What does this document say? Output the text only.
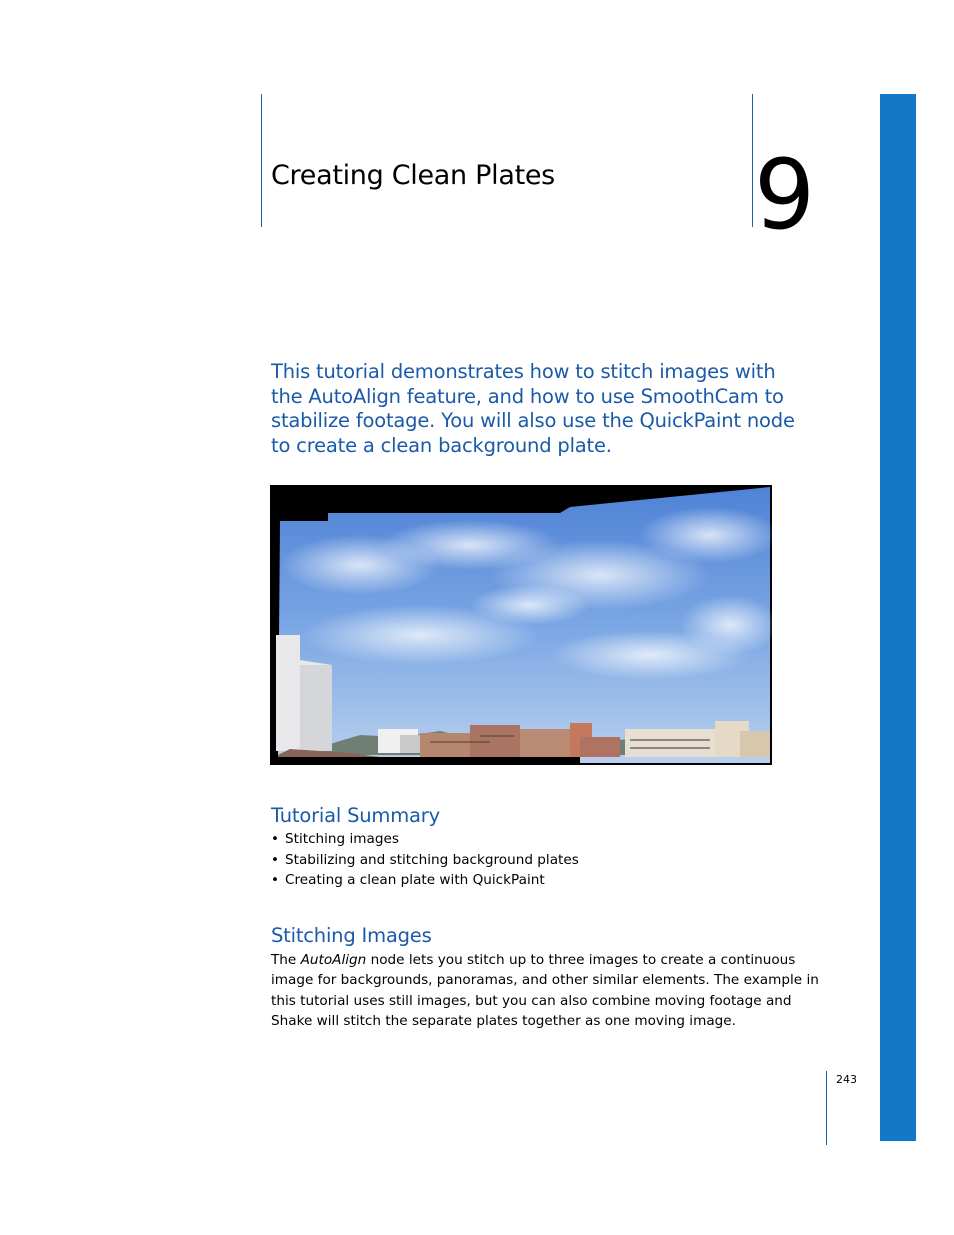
Creating Clean Plates 9
This tutorial demonstrates how to stitch images with the AutoAlign feature, and how to use SmoothCam to stabilize footage. You will also use the QuickPaint node to create a clean background plate.
Tutorial Summary
• Stitching images
• Stabilizing and stitching background plates
• Creating a clean plate with QuickPaint
Stitching Images
The AutoAlign node lets you stitch up to three images to create a continuous image for backgrounds, panoramas, and other similar elements. The example in this tutorial uses still images, but you can also combine moving footage and Shake will stitch the separate plates together as one moving image.
243
